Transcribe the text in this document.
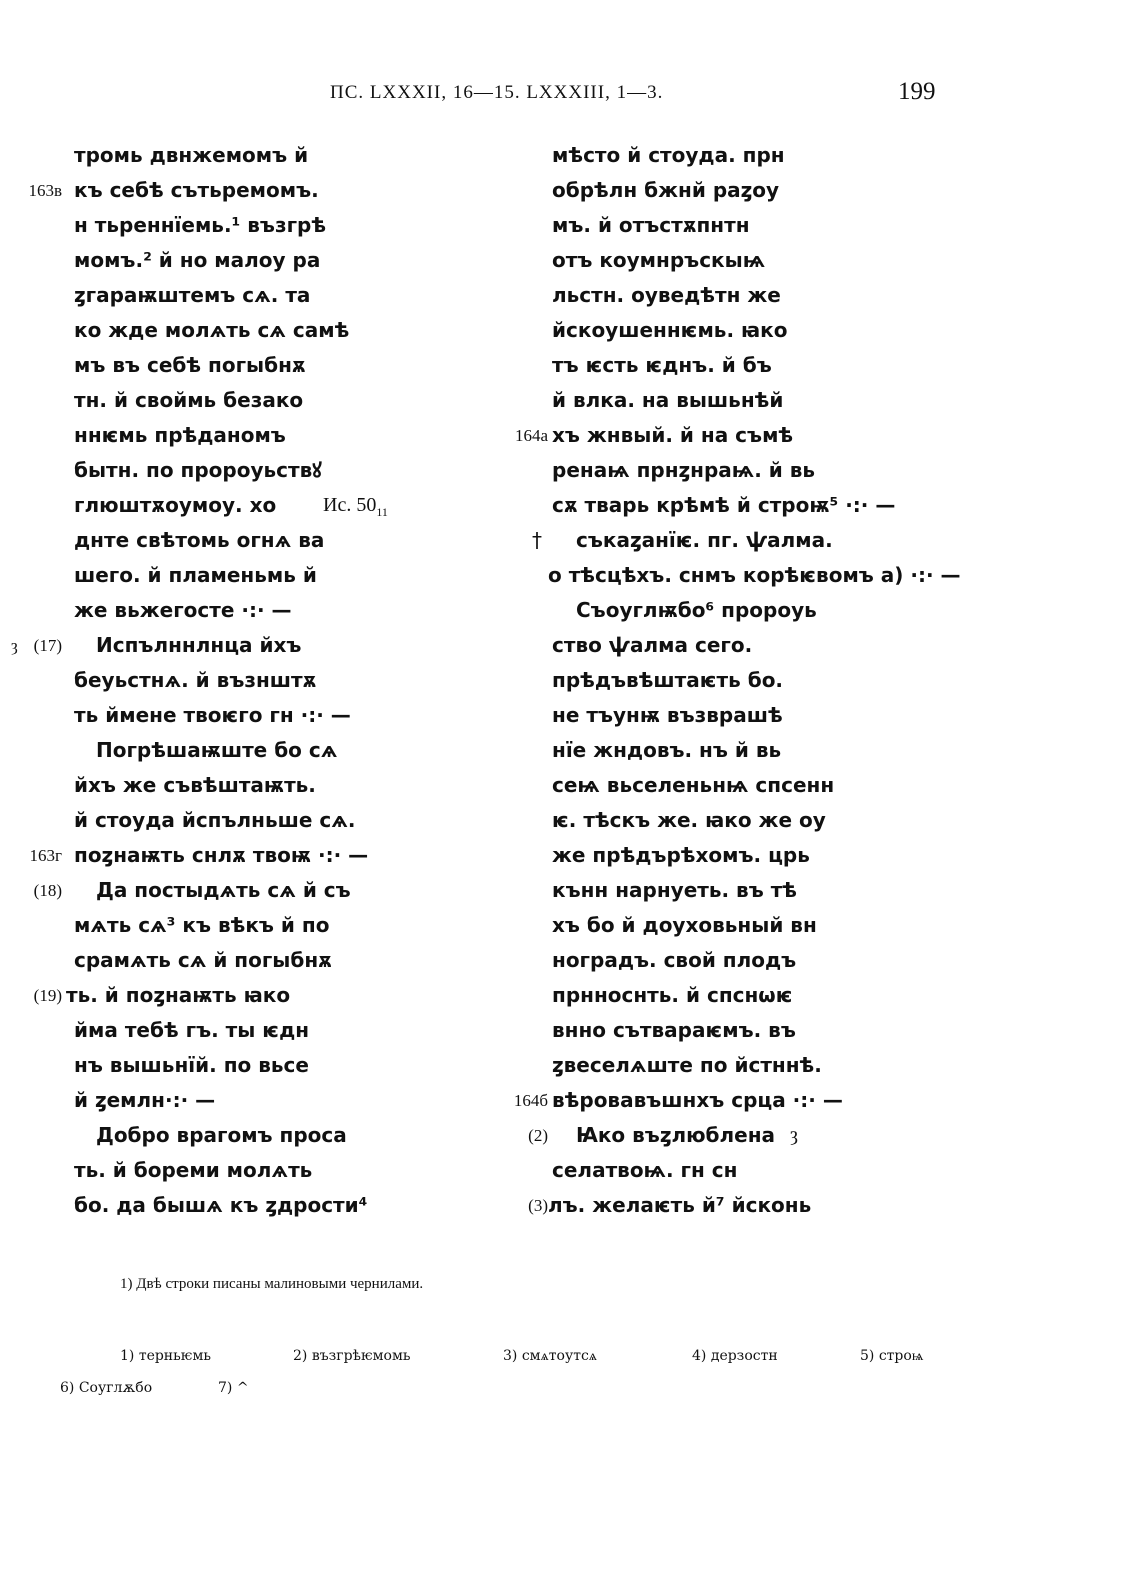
ПС. LXXXII, 16—15. LXXXIII, 1—3.	199
тромь двнжемомъ й
163в къ себѣ сътьремомъ.
н тьреннїемь.¹ възгрѣ
момъ.² й но малоу ра
ȥгараѭштемъ сѧ. та
ко жде молѧть сѧ самѣ
мъ въ себѣ погыбнѫ
тн. й своймь безако
ннѥмь прѣданомъ
бытн. по пророуьствꙋ
глюштѫоумоу. хо Ис. $50_{11}$
днте свѣтомь огнѧ ва
шего. й пламеньмь й
же вьжегосте ·:· —
ȝ (17) Испълннлнца йхъ
беуьстнѧ. й възнштѫ
ть ймене твоѥго гн ·:· —
Погрѣшаѭште бо сѧ
йхъ же съвѣштаѭть.
й стоуда йспълньше сѧ.
163г поȥнаѭть снлѫ твоѭ ·:· —
(18) Да постыдѧть сѧ й съ
мѧть сѧ³ къ вѣкъ й по
срамѧть сѧ й погыбнѫ
(19) ть. й поȥнаѭть ꙗко
йма тебѣ гъ. ты ѥдн
нъ вышьнїй. по вьсе
й ȥемлн·:· —
Добро врагомъ проса
ть. й бореми молѧть
бо. да бышѧ къ ȥдрости⁴
мѣсто й стоуда. прн
обрѣлн бжнй раȥоу
мъ. й отъстѫпнтн
отъ коумнръскыѩ
льстн. оуведѣтн же
йскоушеннѥмь. ꙗко
тъ ѥсть ѥднъ. й бъ
й влка. на вышьнѣй
164а хъ жнвый. й на съмѣ
ренаѩ прнȥнраѩ. й вь
сѫ тварь крѣмѣ й строѭ⁵ ·:· —
† съкаȥанїѥ. пг. ѱалма.
о тѣсцѣхъ. снмъ корѣѥвомъ а) ·:· —
Съоуглѭбо⁶ пророуь
ство ѱалма сего.
прѣдъвѣштаѥть бо.
не тъунѭ възврашѣ
нїе жндовъ. нъ й вь
сеѩ вьселеньнѩ спсенн
ѥ. тѣскъ же. ꙗко же оу
же прѣдърѣхомъ. црь
кънн нарнуеть. въ тѣ
хъ бо й доуховьный вн
ноградъ. свой плодъ
прнноснть. й спснѡѥ
внно сътвараѥмъ. въ
ȥвеселѧште по йстннѣ.
164б вѣровавъшнхъ срца ·:· —
(2) Ꙗко въȥлюблена ȝ
селатвоѩ. гн сн
(3) лъ. желаѥть й⁷ йсконь
1) Двѣ строки писаны малиновыми чернилами.
1) терньѥмь	2) възгрѣѥмомь	3) смѧтоутсѧ	4) дерзостн	5) строѩ
6) Соуглѫбо	7) ^
